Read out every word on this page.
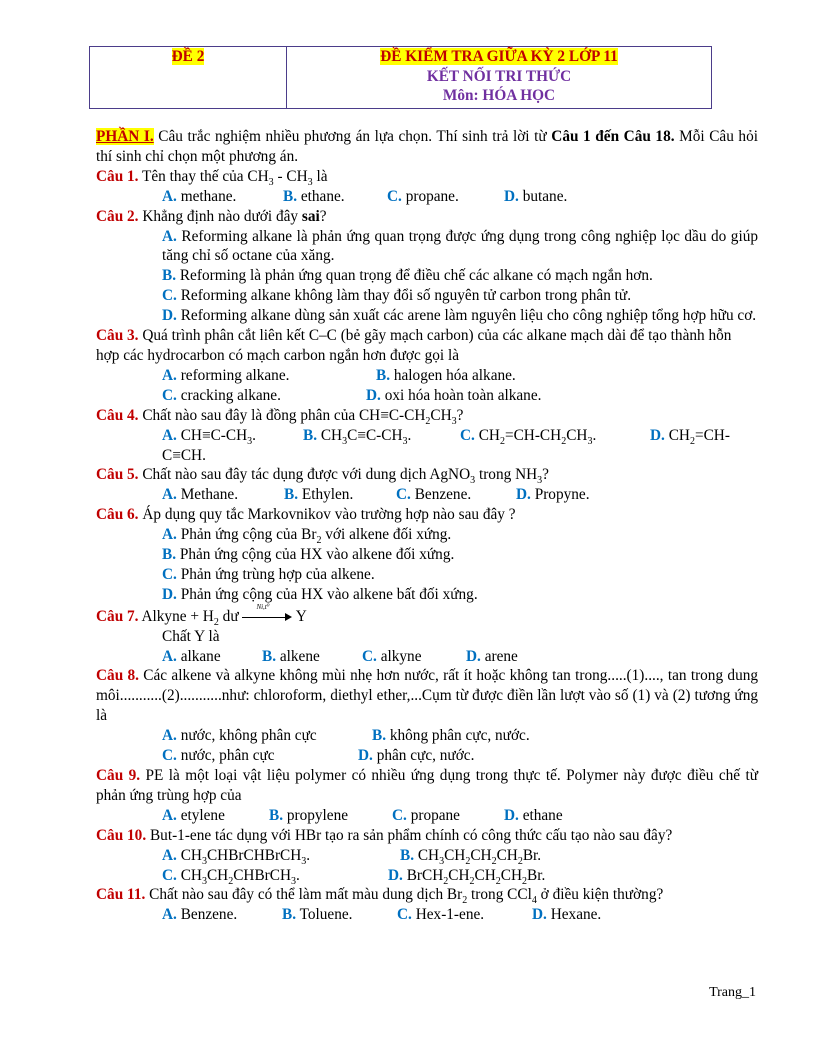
ĐỀ 2	ĐỀ KIỂM TRA GIỮA KỲ 2 LỚP 11
KẾT NỐI TRI THỨC
Môn: HÓA HỌC

PHẦN I. Câu trắc nghiệm nhiều phương án lựa chọn. Thí sinh trả lời từ Câu 1 đến Câu 18. Mỗi Câu hỏi thí sinh chỉ chọn một phương án.

Câu 1. Tên thay thế của $CH_3 - CH_3$ là

A. methane.	B. ethane.	C. propane.	D. butane.

Câu 2. Khẳng định nào dưới đây sai?

A. Reforming alkane là phản ứng quan trọng được ứng dụng trong công nghiệp lọc dầu do giúp tăng chỉ số octane của xăng.

B. Reforming là phản ứng quan trọng để điều chế các alkane có mạch ngắn hơn.

C. Reforming alkane không làm thay đổi số nguyên tử carbon trong phân tử.

D. Reforming alkane dùng sản xuất các arene làm nguyên liệu cho công nghiệp tổng hợp hữu cơ.

Câu 3. Quá trình phân cắt liên kết C–C (bẻ gãy mạch carbon) của các alkane mạch dài để tạo thành hỗn hợp các hydrocarbon có mạch carbon ngắn hơn được gọi là

A. reforming alkane.	B. halogen hóa alkane.
C. cracking alkane.	D. oxi hóa hoàn toàn alkane.

Câu 4. Chất nào sau đây là đồng phân của $CH\equiv C-CH_2CH_3$?

A. $CH\equiv C-CH_3$.	B. $CH_3C\equiv C-CH_3$.	C. $CH_2=CH-CH_2CH_3$.	D. $CH_2=CH-$

C≡CH.

Câu 5. Chất nào sau đây tác dụng được với dung dịch AgNO$_3$ trong $NH_3$?

A. Methane.	B. Ethylen.	C. Benzene.	D. Propyne.

Câu 6. Áp dụng quy tắc Markovnikov vào trường hợp nào sau đây ?

A. Phản ứng cộng của $Br_2$ với alkene đối xứng.

B. Phản ứng cộng của HX vào alkene đối xứng.

C. Phản ứng trùng hợp của alkene.

D. Phản ứng cộng của HX vào alkene bất đối xứng.

Câu 7. Alkyne + $H_2$ dư
Ni,t⁰
Y

Chất Y là

A. alkane	B. alkene	C. alkyne	D. arene

Câu 8. Các alkene và alkyne không mùi nhẹ hơn nước, rất ít hoặc không tan trong.....(1)...., tan trong dung môi...........(2)...........như: chloroform, diethyl ether,...Cụm từ được điền lần lượt vào số (1) và (2) tương ứng là

A. nước, không phân cực	B. không phân cực, nước.
C. nước, phân cực	D. phân cực, nước.

Câu 9. PE là một loại vật liệu polymer có nhiều ứng dụng trong thực tế. Polymer này được điều chế từ phản ứng trùng hợp của

A. etylene	B. propylene	C. propane	D. ethane

Câu 10. But-1-ene tác dụng với HBr tạo ra sản phẩm chính có công thức cấu tạo nào sau đây?

A. $CH_3CHBrCHBrCH_3$.	B. $CH_3CH_2CH_2CH_2Br$.
C. $CH_3CH_2CHBrCH_3$.	D. $BrCH_2CH_2CH_2CH_2Br$.

Câu 11. Chất nào sau đây có thể làm mất màu dung dịch $Br_2$ trong CCl$_4$ ở điều kiện thường?

A. Benzene.	B. Toluene.	C. Hex-1-ene.	D. Hexane.
Trang_1
